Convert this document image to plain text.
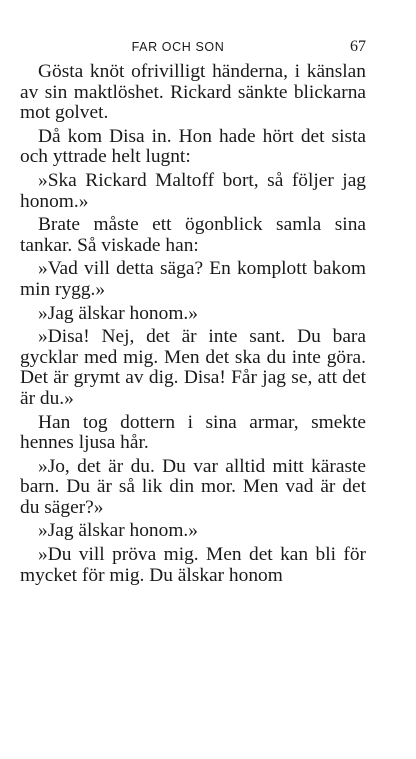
FAR OCH SON	67

Gösta knöt ofrivilligt händerna, i känslan av sin maktlöshet. Rickard sänkte blickarna mot golvet.

Då kom Disa in. Hon hade hört det sista och yttrade helt lugnt:

»Ska Rickard Maltoff bort, så följer jag honom.»

Brate måste ett ögonblick samla sina tankar. Så viskade han:

»Vad vill detta säga? En komplott bakom min rygg.»

»Jag älskar honom.»

»Disa! Nej, det är inte sant. Du bara gycklar med mig. Men det ska du inte göra. Det är grymt av dig. Disa! Får jag se, att det är du.»

Han tog dottern i sina armar, smekte hennes ljusa hår.

»Jo, det är du. Du var alltid mitt käraste barn. Du är så lik din mor. Men vad är det du säger?»

»Jag älskar honom.»

»Du vill pröva mig. Men det kan bli för mycket för mig. Du älskar honom
